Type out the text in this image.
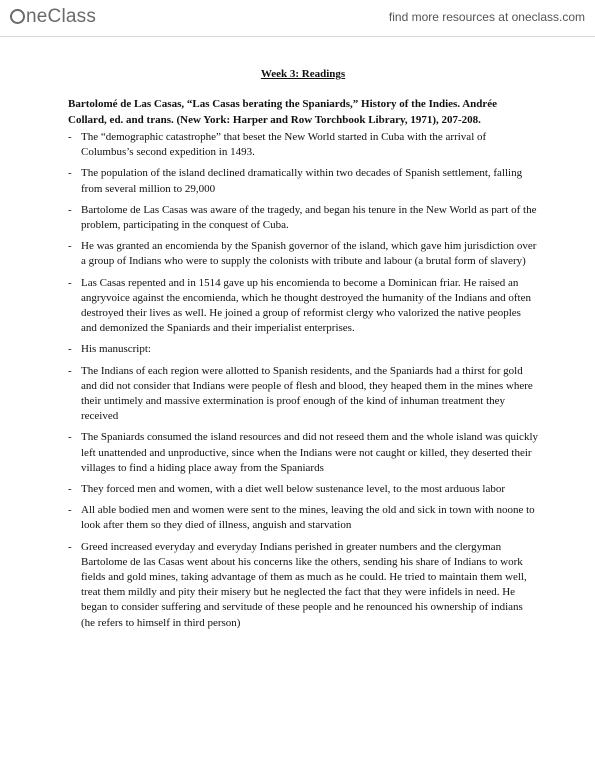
neClass	find more resources at oneclass.com
Week 3: Readings
Bartolomé de Las Casas, “Las Casas berating the Spaniards,” History of the Indies. Andrée Collard, ed. and trans. (New York: Harper and Row Torchbook Library, 1971), 207-208.
- The “demographic catastrophe” that beset the New World started in Cuba with the arrival of Columbus’s second expedition in 1493.
- The population of the island declined dramatically within two decades of Spanish settlement, falling from several million to 29,000
- Bartolome de Las Casas was aware of the tragedy, and began his tenure in the New World as part of the problem, participating in the conquest of Cuba.
- He was granted an encomienda by the Spanish governor of the island, which gave him jurisdiction over a group of Indians who were to supply the colonists with tribute and labour (a brutal form of slavery)
- Las Casas repented and in 1514 gave up his encomienda to become a Dominican friar. He raised an angryvoice against the encomienda, which he thought destroyed the humanity of the Indians and often destroyed their lives as well. He joined a group of reformist clergy who valorized the native peoples and demonized the Spaniards and their imperialist enterprises.
- His manuscript:
- The Indians of each region were allotted to Spanish residents, and the Spaniards had a thirst for gold and did not consider that Indians were people of flesh and blood, they heaped them in the mines where their untimely and massive extermination is proof enough of the kind of inhuman treatment they received
- The Spaniards consumed the island resources and did not reseed them and the whole island was quickly left unattended and unproductive, since when the Indians were not caught or killed, they deserted their villages to find a hiding place away from the Spaniards
- They forced men and women, with a diet well below sustenance level, to the most arduous labor
- All able bodied men and women were sent to the mines, leaving the old and sick in town with noone to look after them so they died of illness, anguish and starvation
- Greed increased everyday and everyday Indians perished in greater numbers and the clergyman Bartolome de las Casas went about his concerns like the others, sending his share of Indians to work fields and gold mines, taking advantage of them as much as he could. He tried to maintain them well, treat them mildly and pity their misery but he neglected the fact that they were infidels in need. He began to consider suffering and servitude of these people and he renounced his ownership of indians (he refers to himself in third person)
